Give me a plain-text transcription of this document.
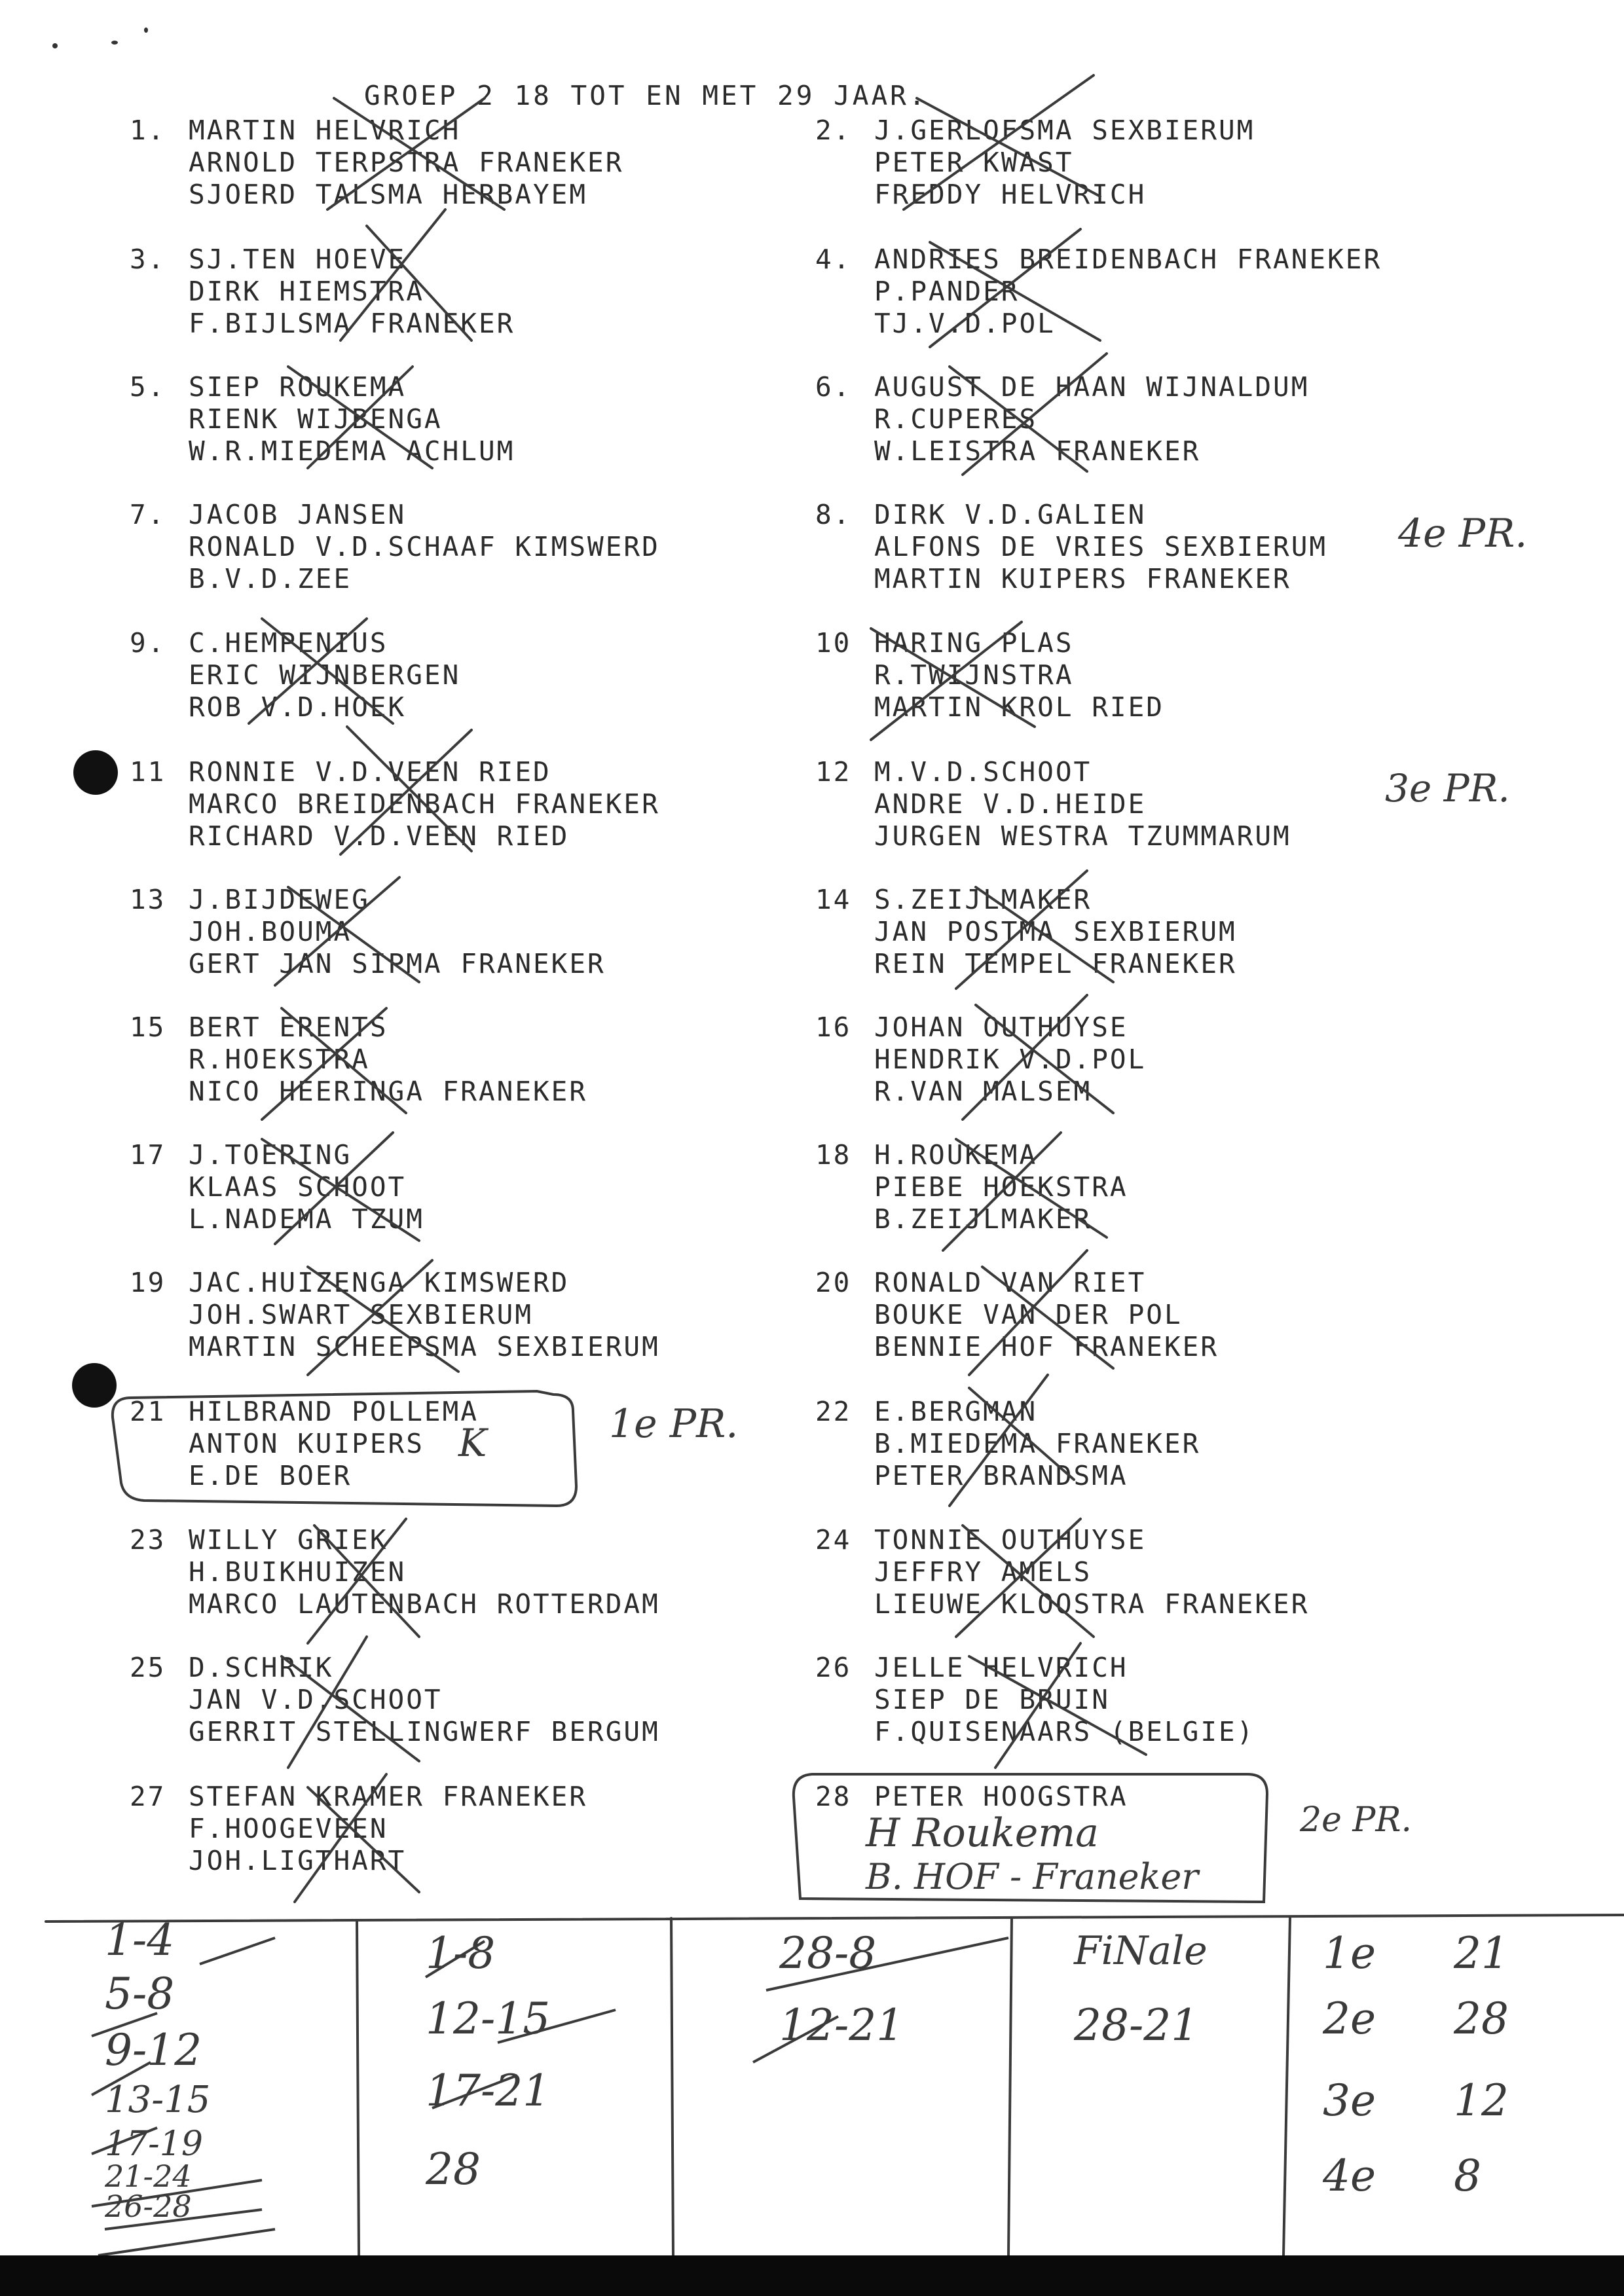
GROEP 2 18 TOT EN MET 29 JAAR.
1. MARTIN HELVRICH
ARNOLD TERPSTRA FRANEKER
SJOERD TALSMA HERBAYEM
2. J.GERLOFSMA SEXBIERUM
PETER KWAST
FREDDY HELVRICH
3. SJ.TEN HOEVE
DIRK HIEMSTRA
F.BIJLSMA FRANEKER
4. ANDRIES BREIDENBACH FRANEKER
P.PANDER
TJ.V.D.POL
5. SIEP ROUKEMA
RIENK WIJBENGA
W.R.MIEDEMA ACHLUM
6. AUGUST DE HAAN WIJNALDUM
R.CUPERES
W.LEISTRA FRANEKER
7. JACOB JANSEN
RONALD V.D.SCHAAF KIMSWERD
B.V.D.ZEE
8. DIRK V.D.GALIEN
ALFONS DE VRIES SEXBIERUM
MARTIN KUIPERS FRANEKER
9. C.HEMPENIUS
ERIC WIJNBERGEN
ROB V.D.HOEK
10 HARING PLAS
R.TWIJNSTRA
MARTIN KROL RIED
11 RONNIE V.D.VEEN RIED
MARCO BREIDENBACH FRANEKER
RICHARD V.D.VEEN RIED
12 M.V.D.SCHOOT
ANDRE V.D.HEIDE
JURGEN WESTRA TZUMMARUM
13 J.BIJDEWEG
JOH.BOUMA
GERT JAN SIPMA FRANEKER
14 S.ZEIJLMAKER
JAN POSTMA SEXBIERUM
REIN TEMPEL FRANEKER
15 BERT ERENTS
R.HOEKSTRA
NICO HEERINGA FRANEKER
16 JOHAN OUTHUYSE
HENDRIK V.D.POL
R.VAN MALSEM
17 J.TOERING
KLAAS SCHOOT
L.NADEMA TZUM
18 H.ROUKEMA
PIEBE HOEKSTRA
B.ZEIJLMAKER
19 JAC.HUIZENGA KIMSWERD
JOH.SWART SEXBIERUM
MARTIN SCHEEPSMA SEXBIERUM
20 RONALD VAN RIET
BOUKE VAN DER POL
BENNIE HOF FRANEKER
21 HILBRAND POLLEMA
ANTON KUIPERS
E.DE BOER
22 E.BERGMAN
B.MIEDEMA FRANEKER
PETER BRANDSMA
23 WILLY GRIEK
H.BUIKHUIZEN
MARCO LAUTENBACH ROTTERDAM
24 TONNIE OUTHUYSE
JEFFRY AMELS
LIEUWE KLOOSTRA FRANEKER
25 D.SCHRIK
JAN V.D.SCHOOT
GERRIT STELLINGWERF BERGUM
26 JELLE HELVRICH
SIEP DE BRUIN
F.QUISENAARS (BELGIE)
27 STEFAN KRAMER FRANEKER
F.HOOGEVEEN
JOH.LIGTHART
28 PETER HOOGSTRA
H Roukema
B. HOF - Franeker
K	1e PR.
2e PR.
3e PR.
4e PR.
1-4
5-8
9-12
13-15
17-19
21-24
26-28
1-8
12-15
17-21
28
28-8
12-21
FiNale
28-21
1e 21
2e 28
3e 12
4e 8
